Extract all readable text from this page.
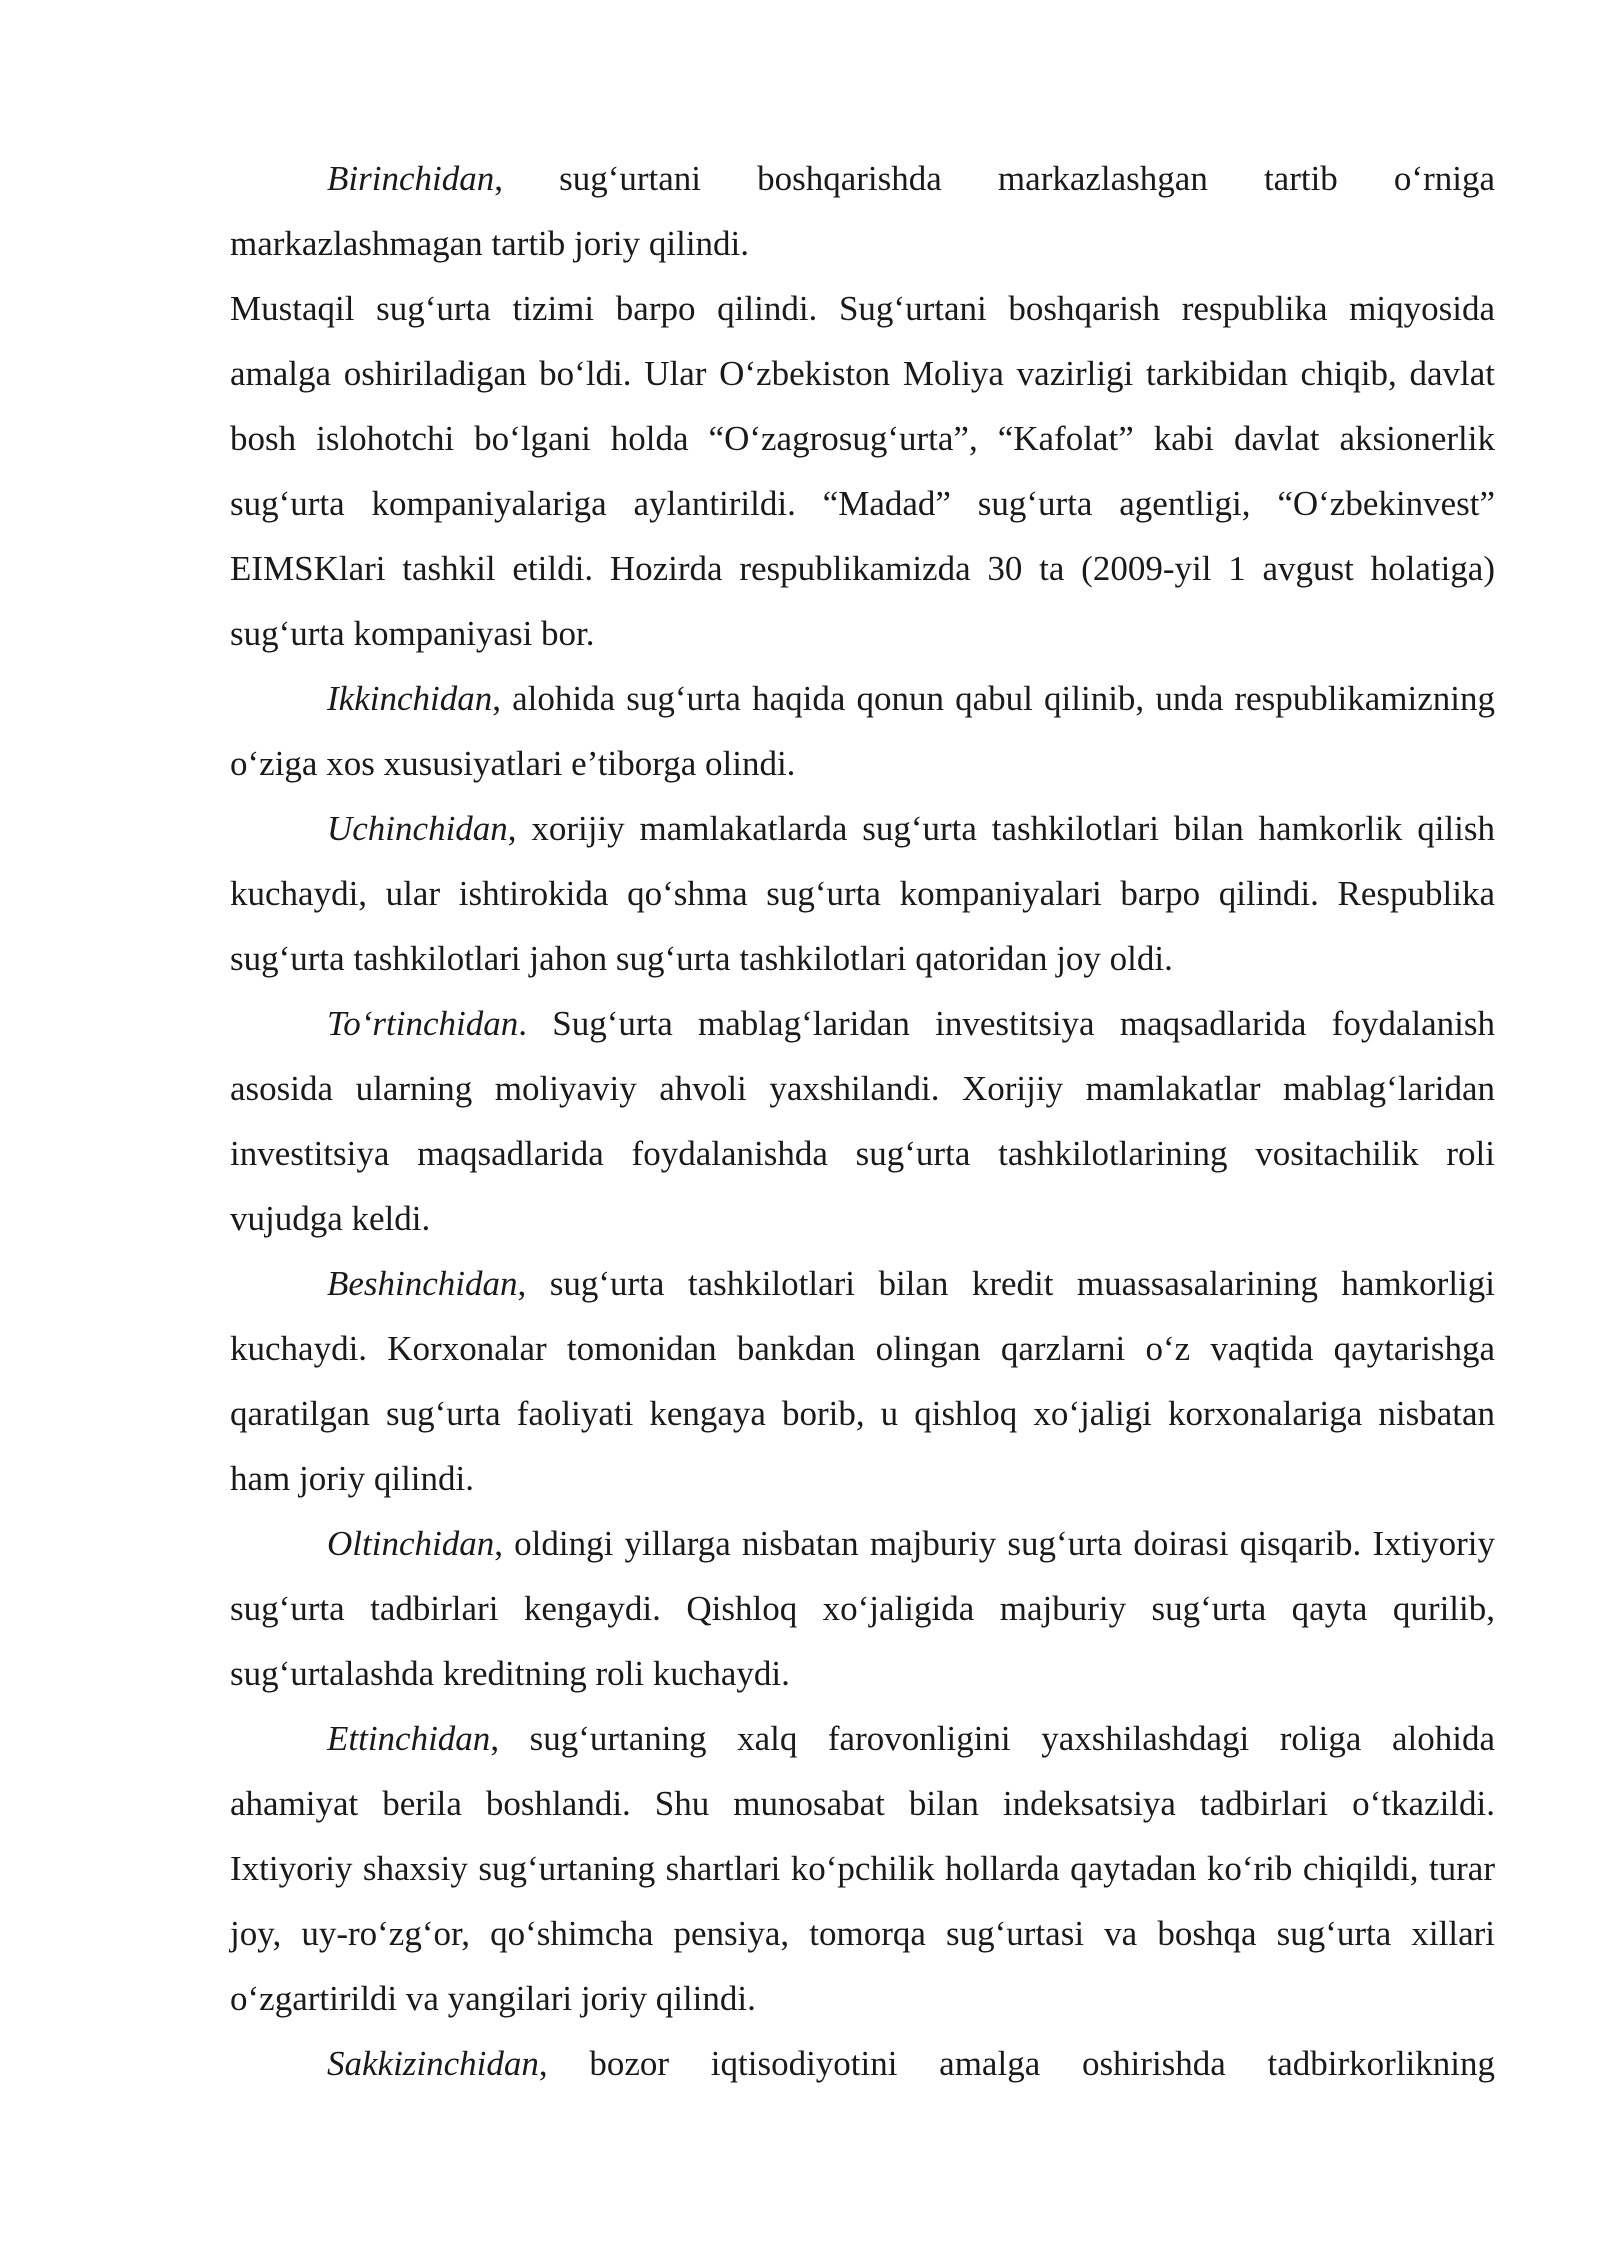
Birinchidan, sug‘urtani boshqarishda markazlashgan tartib o‘rniga markazlashmagan tartib joriy qilindi.

Mustaqil sug‘urta tizimi barpo qilindi. Sug‘urtani boshqarish respublika miqyosida amalga oshiriladigan bo‘ldi. Ular O‘zbekiston Moliya vazirligi tarkibidan chiqib, davlat bosh islohotchi bo‘lgani holda “O‘zagrosug‘urta”, “Kafolat” kabi davlat aksionerlik sug‘urta kompaniyalariga aylantirildi. “Madad” sug‘urta agentligi, “O‘zbekinvest” EIMSKlari tashkil etildi. Hozirda respublikamizda 30 ta (2009-yil 1 avgust holatiga) sug‘urta kompaniyasi bor.

Ikkinchidan, alohida sug‘urta haqida qonun qabul qilinib, unda respublikamizning o‘ziga xos xususiyatlari e’tiborga olindi.

Uchinchidan, xorijiy mamlakatlarda sug‘urta tashkilotlari bilan hamkorlik qilish kuchaydi, ular ishtirokida qo‘shma sug‘urta kompaniyalari barpo qilindi. Respublika sug‘urta tashkilotlari jahon sug‘urta tashkilotlari qatoridan joy oldi.

To‘rtinchidan. Sug‘urta mablag‘laridan investitsiya maqsadlarida foydalanish asosida ularning moliyaviy ahvoli yaxshilandi. Xorijiy mamlakatlar mablag‘laridan investitsiya maqsadlarida foydalanishda sug‘urta tashkilotlarining vositachilik roli vujudga keldi.

Beshinchidan, sug‘urta tashkilotlari bilan kredit muassasalarining hamkorligi kuchaydi. Korxonalar tomonidan bankdan olingan qarzlarni o‘z vaqtida qaytarishga qaratilgan sug‘urta faoliyati kengaya borib, u qishloq xo‘jaligi korxonalariga nisbatan ham joriy qilindi.

Oltinchidan, oldingi yillarga nisbatan majburiy sug‘urta doirasi qisqarib. Ixtiyoriy sug‘urta tadbirlari kengaydi. Qishloq xo‘jaligida majburiy sug‘urta qayta qurilib, sug‘urtalashda kreditning roli kuchaydi.

Ettinchidan, sug‘urtaning xalq farovonligini yaxshilashdagi roliga alohida ahamiyat berila boshlandi. Shu munosabat bilan indeksatsiya tadbirlari o‘tkazildi. Ixtiyoriy shaxsiy sug‘urtaning shartlari ko‘pchilik hollarda qaytadan ko‘rib chiqildi, turar joy, uy-ro‘zg‘or, qo‘shimcha pensiya, tomorqa sug‘urtasi va boshqa sug‘urta xillari o‘zgartirildi va yangilari joriy qilindi.

Sakkizinchidan, bozor iqtisodiyotini amalga oshirishda tadbirkorlikning
